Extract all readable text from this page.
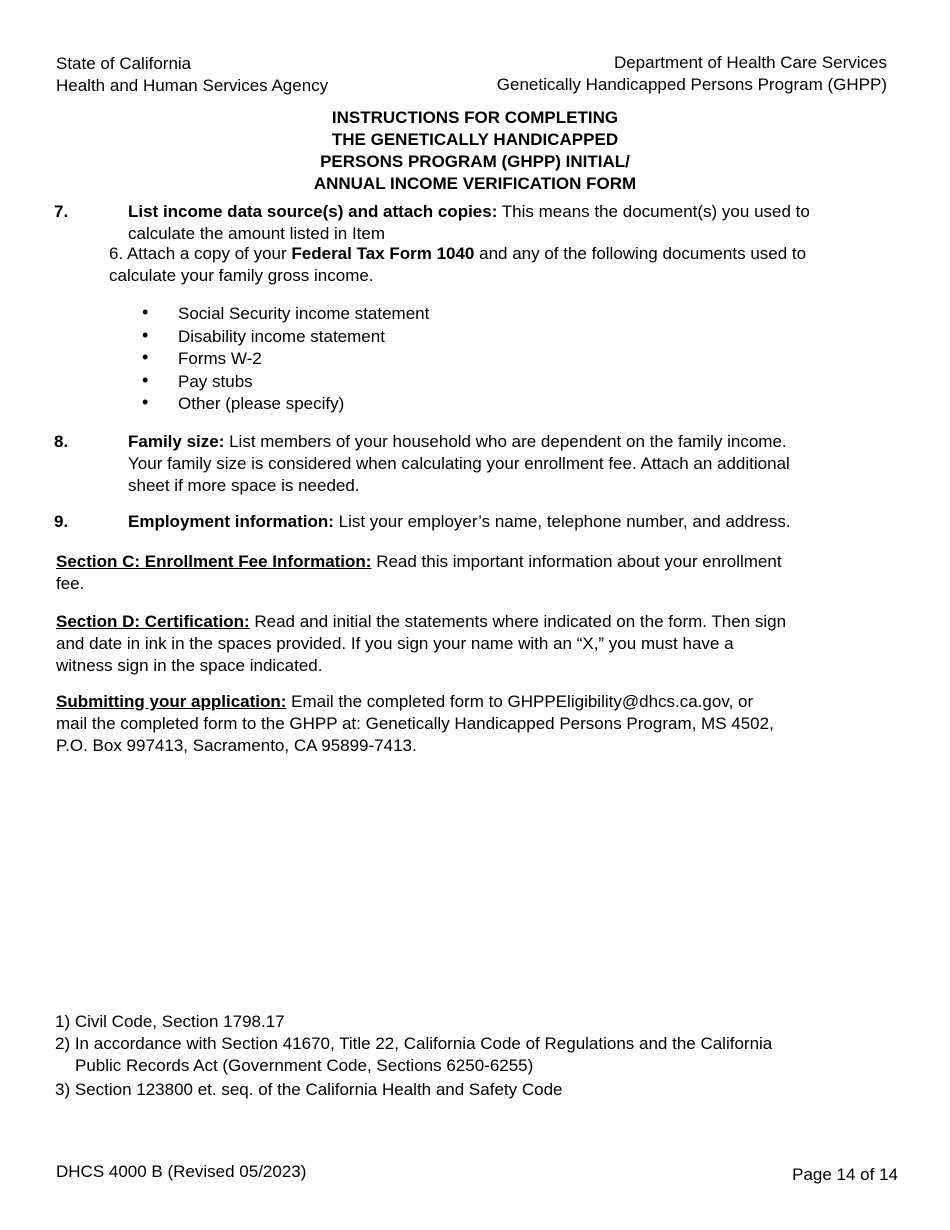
State of California
Health and Human Services Agency
Department of Health Care Services
Genetically Handicapped Persons Program (GHPP)
INSTRUCTIONS FOR COMPLETING
THE GENETICALLY HANDICAPPED
PERSONS PROGRAM (GHPP) INITIAL/
ANNUAL INCOME VERIFICATION FORM
7.	List income data source(s) and attach copies: This means the document(s) you used to
calculate the amount listed in Item
6. Attach a copy of your Federal Tax Form 1040 and any of the following documents used to
calculate your family gross income.
• Social Security income statement
• Disability income statement
• Forms W-2
• Pay stubs
• Other (please specify)
8.	Family size: List members of your household who are dependent on the family income.
Your family size is considered when calculating your enrollment fee. Attach an additional
sheet if more space is needed.
9.	Employment information: List your employer’s name, telephone number, and address.
Section C: Enrollment Fee Information: Read this important information about your enrollment
fee.
Section D: Certification: Read and initial the statements where indicated on the form. Then sign
and date in ink in the spaces provided. If you sign your name with an “X,” you must have a
witness sign in the space indicated.
Submitting your application: Email the completed form to GHPPEligibility@dhcs.ca.gov, or
mail the completed form to the GHPP at: Genetically Handicapped Persons Program, MS 4502,
P.O. Box 997413, Sacramento, CA 95899-7413.
1) Civil Code, Section 1798.17
2) In accordance with Section 41670, Title 22, California Code of Regulations and the California
Public Records Act (Government Code, Sections 6250-6255)
3) Section 123800 et. seq. of the California Health and Safety Code
DHCS 4000 B (Revised 05/2023)	Page 14 of 14
